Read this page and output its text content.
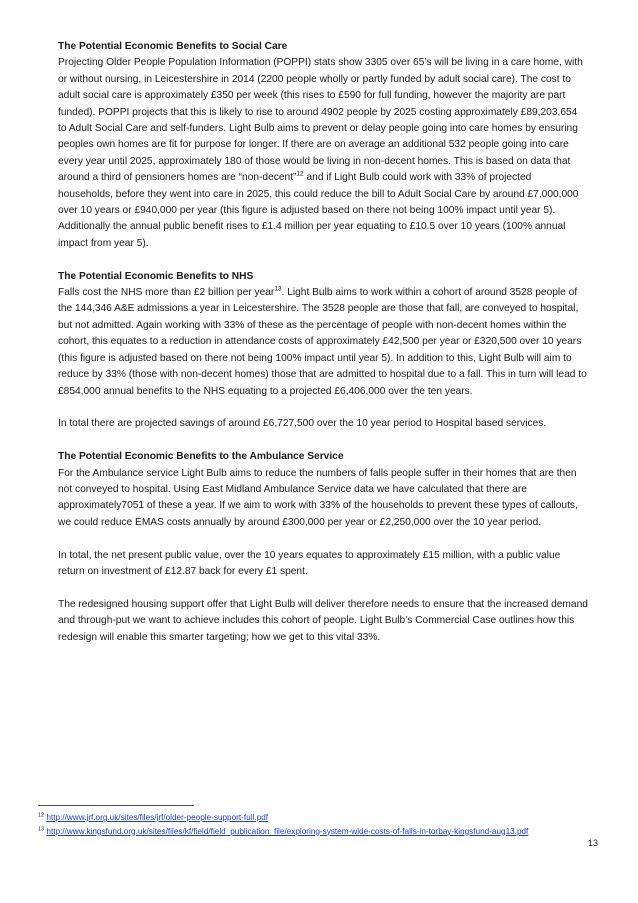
The Potential Economic Benefits to Social Care

Projecting Older People Population Information (POPPI) stats show 3305 over 65’s will be living in a care home, with or without nursing, in Leicestershire in 2014 (2200 people wholly or partly funded by adult social care). The cost to adult social care is approximately £350 per week (this rises to £590 for full funding, however the majority are part funded). POPPI projects that this is likely to rise to around 4902 people by 2025 costing approximately £89,203,654 to Adult Social Care and self-funders. Light Bulb aims to prevent or delay people going into care homes by ensuring peoples own homes are fit for purpose for longer. If there are on average an additional 532 people going into care every year until 2025, approximately 180 of those would be living in non-decent homes. This is based on data that around a third of pensioners homes are “non-decent”$^{12}$ and if Light Bulb could work with 33% of projected households, before they went into care in 2025, this could reduce the bill to Adult Social Care by around £7,000,000 over 10 years or £940,000 per year (this figure is adjusted based on there not being 100% impact until year 5). Additionally the annual public benefit rises to £1.4 million per year equating to £10.5 over 10 years (100% annual impact from year 5).

The Potential Economic Benefits to NHS

Falls cost the NHS more than £2 billion per year$^{13}$. Light Bulb aims to work within a cohort of around 3528 people of the 144,346 A&E admissions a year in Leicestershire. The 3528 people are those that fall, are conveyed to hospital, but not admitted. Again working with 33% of these as the percentage of people with non-decent homes within the cohort, this equates to a reduction in attendance costs of approximately £42,500 per year or £320,500 over 10 years (this figure is adjusted based on there not being 100% impact until year 5). In addition to this, Light Bulb will aim to reduce by 33% (those with non-decent homes) those that are admitted to hospital due to a fall. This in turn will lead to £854,000 annual benefits to the NHS equating to a projected £6,406,000 over the ten years.

In total there are projected savings of around £6,727,500 over the 10 year period to Hospital based services.

The Potential Economic Benefits to the Ambulance Service

For the Ambulance service Light Bulb aims to reduce the numbers of falls people suffer in their homes that are then not conveyed to hospital. Using East Midland Ambulance Service data we have calculated that there are approximately7051 of these a year. If we aim to work with 33% of the households to prevent these types of callouts, we could reduce EMAS costs annually by around £300,000 per year or £2,250,000 over the 10 year period.

In total, the net present public value, over the 10 years equates to approximately £15 million, with a public value return on investment of £12.87 back for every £1 spent.

The redesigned housing support offer that Light Bulb will deliver therefore needs to ensure that the increased demand and through-put we want to achieve includes this cohort of people. Light Bulb’s Commercial Case outlines how this redesign will enable this smarter targeting; how we get to this vital 33%.

$^{12}$ http://www.jrf.org.uk/sites/files/jrf/older-people-support-full.pdf

$^{13}$ http://www.kingsfund.org.uk/sites/files/kf/field/field_publication_file/exploring-system-wide-costs-of-falls-in-torbay-kingsfund-aug13.pdf

13
